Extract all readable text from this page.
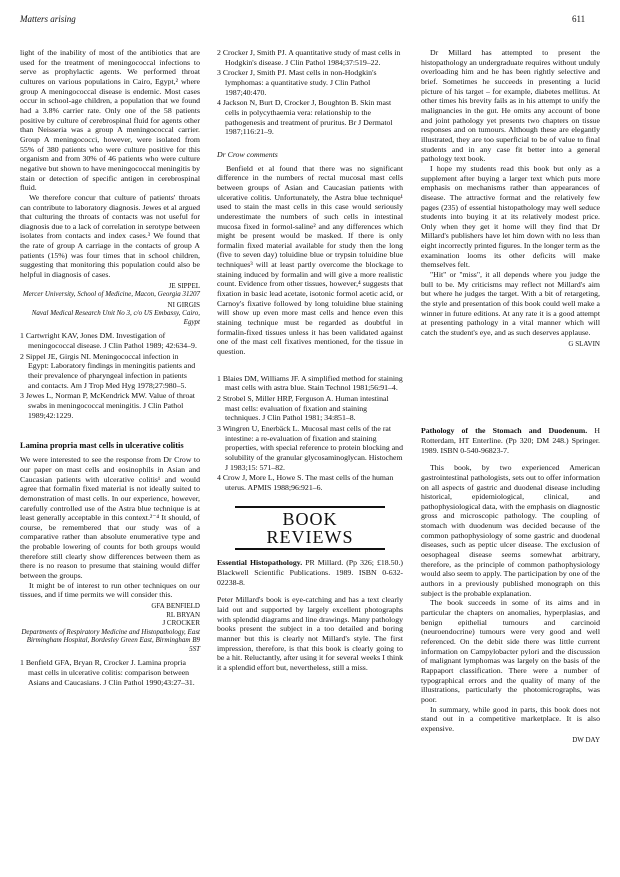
Matters arising	611

light of the inability of most of the antibiotics that are used for the treatment of meningococcal infections to serve as prophylactic agents. We performed throat cultures on various populations in Cairo, Egypt,² where group A meningococcal disease is endemic. Most cases occur in school-age children, a population that we found had a 3.8% carrier rate. Only one of the 58 patients positive by culture of cerebrospinal fluid for agents other than Neisseria was a group A meningococcal carrier. Group A meningococci, however, were isolated from 55% of 380 patients who were culture positive for this organism and from 30% of 46 patients who were culture negative but shown to have meningococcal meningitis by stain or detection of specific antigen in cerebrospinal fluid.

We therefore concur that culture of patients' throats can contribute to laboratory diagnosis. Jewes et al argued that culturing the throats of contacts was not useful for diagnosis due to a lack of correlation in serotype between isolates from contacts and index cases.³ We found that the rate of group A carriage in the contacts of group A patients (15%) was four times that in school children, suggesting that monitoring this population could also be helpful in diagnosis of cases.

JE SIPPEL
Mercer University, School of Medicine, Macon, Georgia 31207
NI GIRGIS
Naval Medical Research Unit No 3, c/o US Embassy, Cairo, Egypt

1 Cartwright KAV, Jones DM. Investigation of meningococcal disease. J Clin Pathol 1989; 42:634–9.

2 Sippel JE, Girgis NI. Meningococcal infection in Egypt: Laboratory findings in meningitis patients and their prevalence of pharyngeal infection in patients and contacts. Am J Trop Med Hyg 1978;27:980–5.

3 Jewes L, Norman P, McKendrick MW. Value of throat swabs in meningococcal meningitis. J Clin Pathol 1989;42:1229.

Lamina propria mast cells in ulcerative colitis

We were interested to see the response from Dr Crow to our paper on mast cells and eosinophils in Asian and Caucasian patients with ulcerative colitis¹ and would agree that formalin fixed material is not ideally suited to demonstration of mast cells. In our experience, however, carefully controlled use of the Astra blue technique is at least generally acceptable in this context.²⁻⁴ It should, of course, be remembered that our study was of a comparative rather than absolute enumerative type and the probable lowering of counts for both groups would therefore still clearly show differences between them as there is no reason to presume that staining would differ between the groups.

It might be of interest to run other techniques on our tissues, and if time permits we will consider this.

GFA BENFIELD
RL BRYAN
J CROCKER
Departments of Respiratory Medicine and Histopathology, East Birmingham Hospital, Bordesley Green East, Birmingham B9 5ST

1 Benfield GFA, Bryan R, Crocker J. Lamina propria mast cells in ulcerative colitis: comparison between Asians and Caucasians. J Clin Pathol 1990;43:27–31.

2 Crocker J, Smith PJ. A quantitative study of mast cells in Hodgkin's disease. J Clin Pathol 1984;37:519–22.

3 Crocker J, Smith PJ. Mast cells in non-Hodgkin's lymphomas: a quantitative study. J Clin Pathol 1987;40:470.

4 Jackson N, Burt D, Crocker J, Boughton B. Skin mast cells in polycythaemia vera: relationship to the pathogenesis and treatment of pruritus. Br J Dermatol 1987;116:21–9.

Dr Crow comments

Benfield et al found that there was no significant difference in the numbers of rectal mucosal mast cells between groups of Asian and Caucasian patients with ulcerative colitis. Unfortunately, the Astra blue technique¹ used to stain the mast cells in this case would seriously underestimate the numbers of such cells in intestinal mucosa fixed in formol-saline² and any differences which might be present would be masked. If there is only formalin fixed material available for study then the long (five to seven day) toluidine blue or trypsin toluidine blue techniques³ will at least partly overcome the blockage to staining induced by formalin and will give a more realistic count. Evidence from other tissues, however,⁴ suggests that fixation in basic lead acetate, isotonic formol acetic acid, or Carnoy's fixative followed by long toluidine blue staining will show up even more mast cells and hence even this staining technique must be regarded as doubtful in formalin-fixed tissues unless it has been validated against one of the mast cell fixatives mentioned, for the tissue in question.

1 Blaies DM, Williams JF. A simplified method for staining mast cells with astra blue. Stain Technol 1981;56:91–4.

2 Strobel S, Miller HRP, Ferguson A. Human intestinal mast cells: evaluation of fixation and staining techniques. J Clin Pathol 1981; 34:851–8.

3 Wingren U, Enerbäck L. Mucosal mast cells of the rat intestine: a re-evaluation of fixation and staining properties, with special reference to protein blocking and solubility of the granular glycosaminoglycan. Histochem J 1983;15: 571–82.

4 Crow J, More L, Howe S. The mast cells of the human uterus. APMIS 1988;96:921–6.

BOOK
REVIEWS

Essential Histopathology. PR Millard. (Pp 326; £18.50.) Blackwell Scientific Publications. 1989. ISBN 0-632-02238-8.

Peter Millard's book is eye-catching and has a text clearly laid out and supported by largely excellent photographs with splendid diagrams and line drawings. Many pathology books present the subject in a too detailed and boring manner but this is clearly not Millard's style. The first impression, therefore, is that this book is clearly going to be a hit. Reluctantly, after using it for several weeks I think it a splendid effort but, nevertheless, still a miss.

Dr Millard has attempted to present the histopathology an undergraduate requires without unduly overloading him and he has been rightly selective and brief. Sometimes he succeeds in presenting a lucid picture of his target – for example, diabetes mellitus. At other times his brevity fails as in his attempt to unify the malignancies in the gut. He omits any account of bone and joint pathology yet presents two chapters on tissue responses and on tumours. Although these are elegantly illustrated, they are too superficial to be of value to final students and in any case fit better into a general pathology text book.

I hope my students read this book but only as a supplement after buying a larger text which puts more emphasis on mechanisms rather than appearances of disease. The attractive format and the relatively few pages (235) of essential histopathology may well seduce students into buying it at its relatively modest price. Only when they get it home will they find that Dr Millard's publishers have let him down with no less than eight incorrectly printed figures. In the longer term as the examination looms its other deficits will make themselves felt.

"Hit" or "miss", it all depends where you judge the bull to be. My criticisms may reflect not Millard's aim but where he judges the target. With a bit of retargeting, the style and presentation of this book could well make a winner in future editions. At any rate it is a good attempt at presenting pathology in a vital manner which will catch the student's eye, and as such deserves applause.

G SLAVIN

Pathology of the Stomach and Duodenum. H Rotterdam, HT Enterline. (Pp 320; DM 248.) Springer. 1989. ISBN 0-540-96823-7.

This book, by two experienced American gastrointestinal pathologists, sets out to offer information on all aspects of gastric and duodenal disease including historical, epidemiological, clinical, and pathophysiological data, with the emphasis on diagnostic gross and microscopic pathology. The coupling of stomach with duodenum was decided because of the common pathophysiology of some gastric and duodenal diseases, such as peptic ulcer disease. The exclusion of oesophageal disease seems somewhat arbitrary, therefore, as the principle of common pathophysiology would also seem to apply. The participation by one of the authors in a previously published monograph on this subject is the probable explanation.

The book succeeds in some of its aims and in particular the chapters on anomalies, hyperplasias, and benign epithelial tumours and carcinoid (neuroendocrine) tumours were very good and well referenced. On the debit side there was little current information on Campylobacter pylori and the discussion of malignant lymphomas was largely on the basis of the Rappaport classification. There were a number of typographical errors and the quality of many of the illustrations, particularly the photomicrographs, was poor.

In summary, while good in parts, this book does not stand out in a competitive marketplace. It is also expensive.

DW DAY
